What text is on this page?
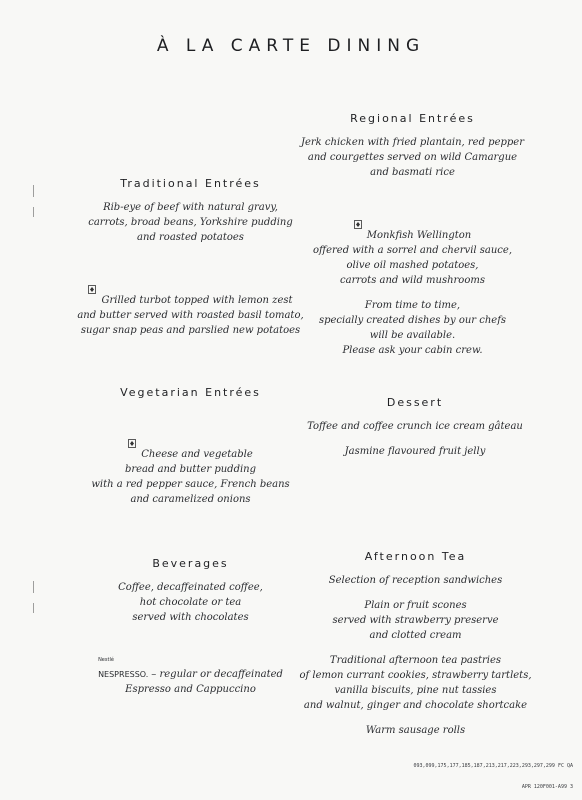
À LA CARTE DINING
Regional Entrées
Jerk chicken with fried plantain, red pepper
and courgettes served on wild Camargue
and basmati rice

Monkfish Wellington
offered with a sorrel and chervil sauce,
olive oil mashed potatoes,
carrots and wild mushrooms

From time to time,
specially created dishes by our chefs
will be available.
Please ask your cabin crew.
Traditional Entrées
Rib-eye of beef with natural gravy,
carrots, broad beans, Yorkshire pudding
and roasted potatoes

Grilled turbot topped with lemon zest
and butter served with roasted basil tomato,
sugar snap peas and parslied new potatoes

Vegetarian Entrées

Cheese and vegetable
bread and butter pudding
with a red pepper sauce, French beans
and caramelized onions

Dessert
Toffee and coffee crunch ice cream gâteau
Jasmine flavoured fruit jelly
Beverages
Coffee, decaffeinated coffee,
hot chocolate or tea
served with chocolates

Nestlé

NESPRESSO. – regular or decaffeinated
Espresso and Cappuccino

Afternoon Tea
Selection of reception sandwiches
Plain or fruit scones
served with strawberry preserve
and clotted cream
Traditional afternoon tea pastries
of lemon currant cookies, strawberry tartlets,
vanilla biscuits, pine nut tassies
and walnut, ginger and chocolate shortcake
Warm sausage rolls

093,099,175,177,185,187,213,217,223,293,297,299 FC QA

APR 120F001-A99 3
